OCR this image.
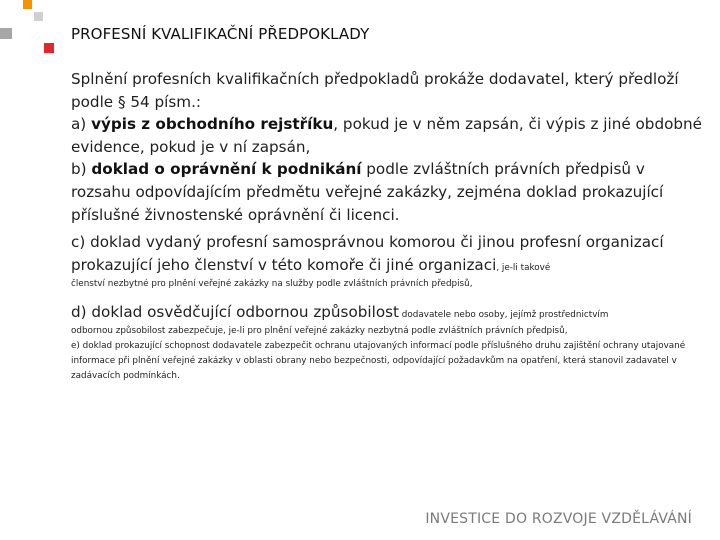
PROFESNÍ KVALIFIKAČNÍ PŘEDPOKLADY

Splnění profesních kvalifikačních předpokladů prokáže dodavatel, který předloží podle § 54 písm.:

a) výpis z obchodního rejstříku, pokud je v něm zapsán, či výpis z jiné obdobné evidence, pokud je v ní zapsán,

b) doklad o oprávnění k podnikání podle zvláštních právních předpisů v rozsahu odpovídajícím předmětu veřejné zakázky, zejména doklad prokazující příslušné živnostenské oprávnění či licenci.

c) doklad vydaný profesní samosprávnou komorou či jinou profesní organizací prokazující jeho členství v této komoře či jiné organizaci, je-li takové

členství nezbytné pro plnění veřejné zakázky na služby podle zvláštních právních předpisů,

d) doklad osvědčující odbornou způsobilost dodavatele nebo osoby, jejímž prostřednictvím

odbornou způsobilost zabezpečuje, je-li pro plnění veřejné zakázky nezbytná podle zvláštních právních předpisů,
e) doklad prokazující schopnost dodavatele zabezpečit ochranu utajovaných informací podle příslušného druhu zajištění ochrany utajované informace při plnění veřejné zakázky v oblasti obrany nebo bezpečnosti, odpovídající požadavkům na opatření, která stanovil zadavatel v zadávacích podmínkách.
INVESTICE DO ROZVOJE VZDĚLÁVÁNÍ
